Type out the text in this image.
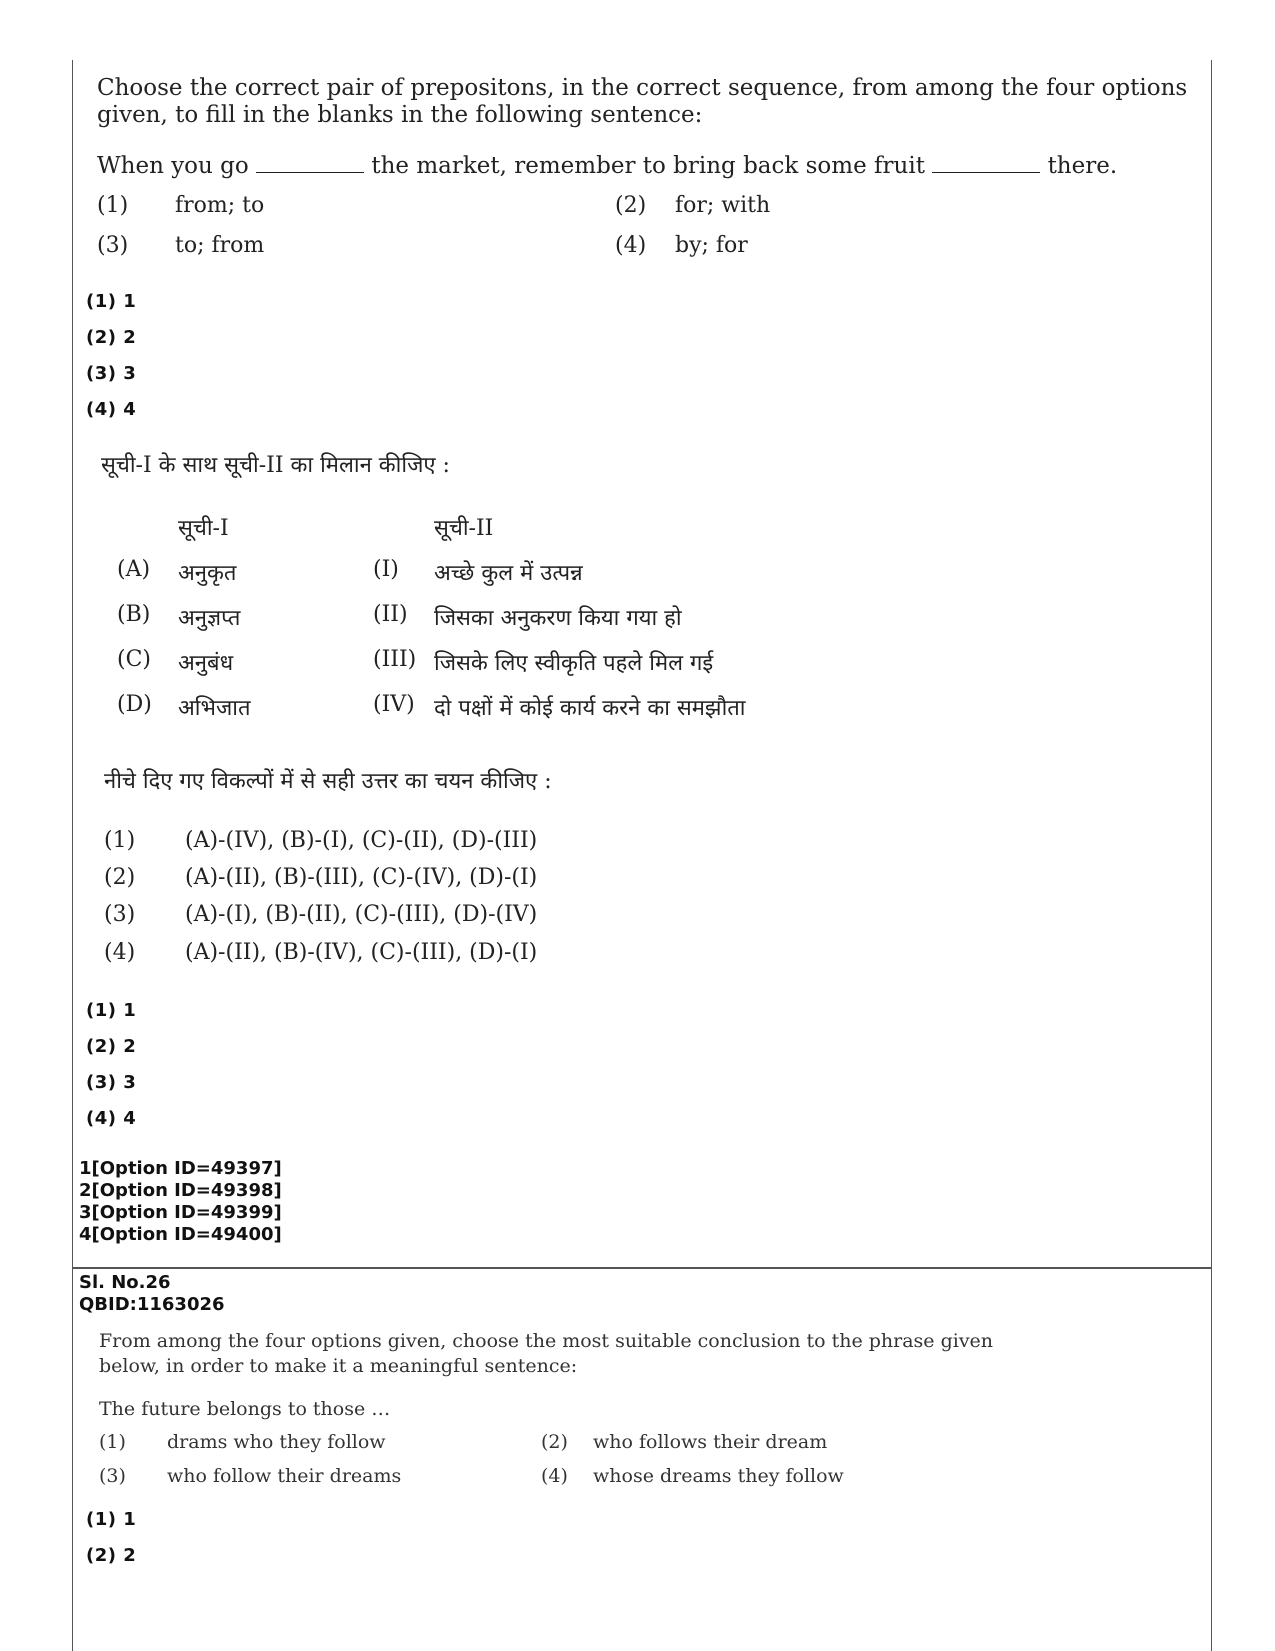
Choose the correct pair of prepositons, in the correct sequence, from among the four options
given, to fill in the blanks in the following sentence:
When you go	the market, remember to bring back some fruit	there.
(1) from; to	(2) for; with
(3) to; from	(4) by; for
(1) 1
(2) 2
(3) 3
(4) 4
सूची-I के साथ सूची-II का मिलान कीजिए :
सूची-I	सूची-II
(A) अनुकृत	(I) अच्छे कुल में उत्पन्न
(B) अनुज्ञप्त	(II) जिसका अनुकरण किया गया हो
(C) अनुबंध	(III) जिसके लिए स्वीकृति पहले मिल गई
(D) अभिजात	(IV) दो पक्षों में कोई कार्य करने का समझौता
नीचे दिए गए विकल्पों में से सही उत्तर का चयन कीजिए :
(1) (A)-(IV), (B)-(I), (C)-(II), (D)-(III)
(2) (A)-(II), (B)-(III), (C)-(IV), (D)-(I)
(3) (A)-(I), (B)-(II), (C)-(III), (D)-(IV)
(4) (A)-(II), (B)-(IV), (C)-(III), (D)-(I)
(1) 1
(2) 2
(3) 3
(4) 4
1[Option ID=49397]
2[Option ID=49398]
3[Option ID=49399]
4[Option ID=49400]
Sl. No.26
QBID:1163026
From among the four options given, choose the most suitable conclusion to the phrase given
below, in order to make it a meaningful sentence:
The future belongs to those …
(1) drams who they follow	(2) who follows their dream
(3) who follow their dreams	(4) whose dreams they follow
(1) 1
(2) 2
